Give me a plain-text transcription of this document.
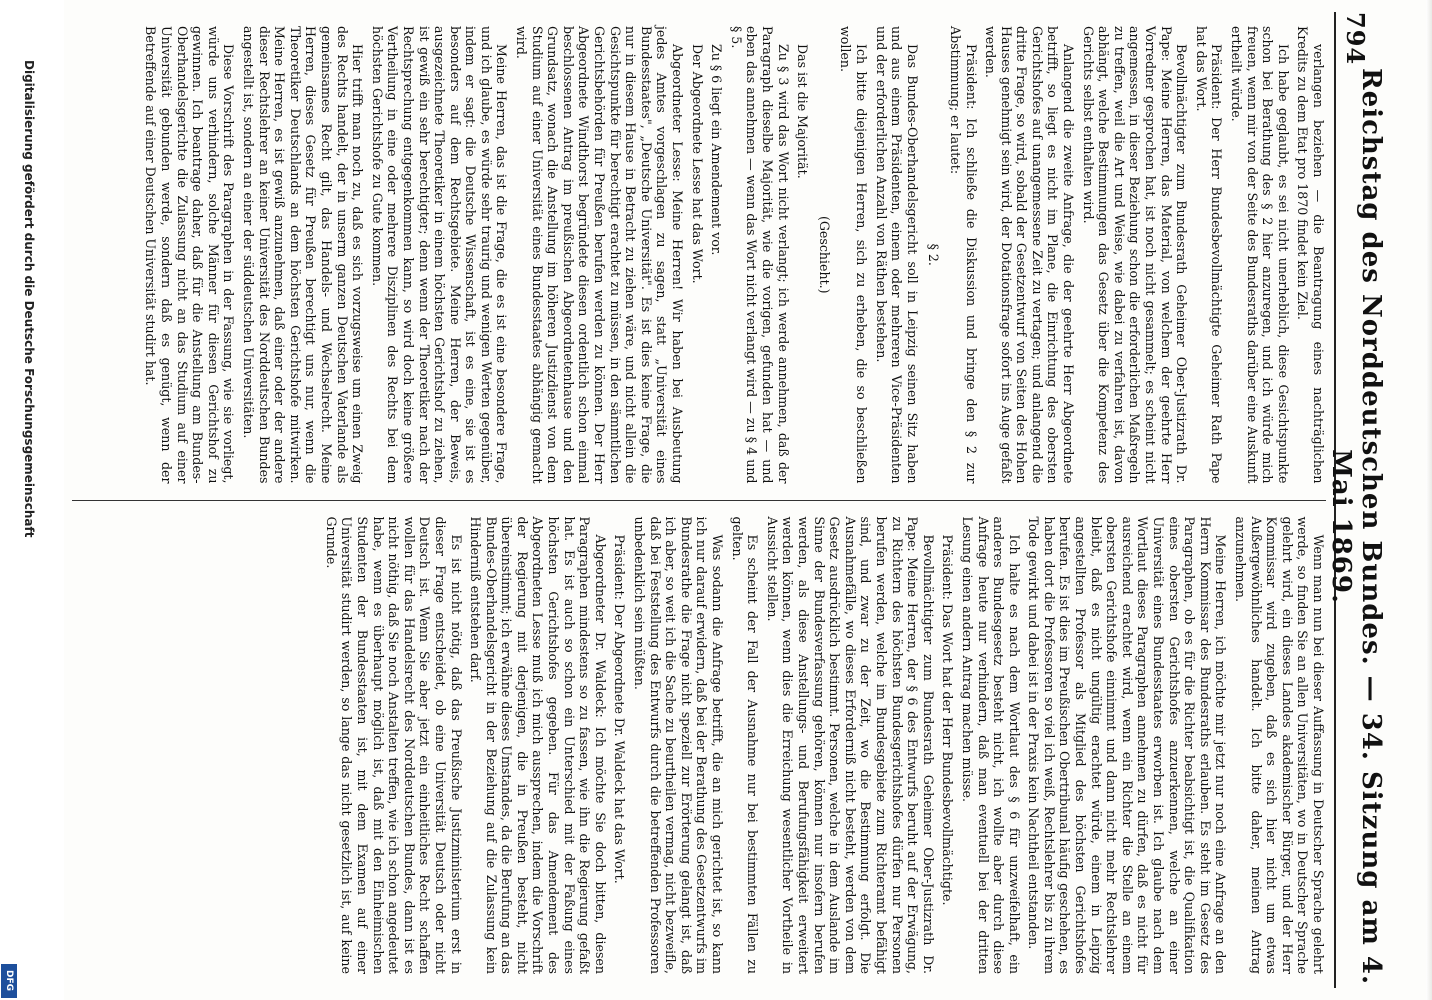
Digitalisierung gefördert durch die Deutsche Forschungsgemeinschaft
DFG
794
Reichstag des Norddeutschen Bundes. — 34. Sitzung am 4. Mai 1869.

verlangen beziehen — die Beantragung eines nachträglichen Kredits zu dem Etat pro 1870 findet kein Ziel.

Ich habe geglaubt, es sei nicht unerheblich, diese Gesichtspunkte schon bei Berathung des § 2 hier anzuregen, und ich würde mich freuen, wenn mir von der Seite des Bundesraths darüber eine Auskunft ertheilt würde.

Präsident: Der Herr Bundesbevollmächtigte Geheimer Rath Pape hat das Wort.

Bevollmächtigter zum Bundesrath Geheimer Ober-Justizrath Dr. Pape: Meine Herren, das Material, von welchem der geehrte Herr Vorredner gesprochen hat, ist noch nicht gesammelt; es scheint nicht angemessen, in dieser Beziehung schon die erforderlichen Maßregeln zu treffen, weil die Art und Weise, wie dabei zu verfahren ist, davon abhängt, welche Bestimmungen das Gesetz über die Kompetenz des Gerichts selbst enthalten wird.

Anlangend die zweite Anfrage, die der geehrte Herr Abgeordnete betrifft, so liegt es nicht im Plane, die Einrichtung des obersten Gerichtshofes auf unangemessene Zeit zu vertagen; und anlangend die dritte Frage, so wird, sobald der Gesetzentwurf von Seiten des Hohen Hauses genehmigt sein wird, der Dotationsfrage sofort ins Auge gefaßt werden.

Präsident: Ich schließe die Diskussion und bringe den § 2 zur Abstimmung; er lautet:

§ 2.

Das Bundes-Oberhandelsgericht soll in Leipzig seinen Sitz haben und aus einem Präsidenten, einem oder mehreren Vice-Präsidenten und der erforderlichen Anzahl von Räthen bestehen.

Ich bitte diejenigen Herren, sich zu erheben, die so beschließen wollen.

(Geschieht.)

Das ist die Majorität.

Zu § 3 wird das Wort nicht verlangt; ich werde annehmen, daß der Paragraph dieselbe Majorität, wie die vorigen, gefunden hat — und eben das annehmen — wenn das Wort nicht verlangt wird — zu § 4 und § 5.

Zu § 6 liegt ein Amendement vor.

Der Abgeordnete Lesse hat das Wort.

Abgeordneter Lesse: Meine Herren! Wir haben bei Ausbeutung jedes Amtes vorgeschlagen zu sagen, statt „Universität eines Bundesstaates", „Deutsche Universität". Es ist dies keine Frage, die nur in diesem Hause in Betracht zu ziehen wäre, und nicht allein die Gesichtspunkte für berechtigt erachtet zu müssen, in den sämmtlichen Gerichtsbehörden für Preußen berufen werden zu können. Der Herr Abgeordnete Windthorst begründete diesen ordentlich schon einmal beschlossenen Antrag im preußischen Abgeordnetenhause und den Grundsatz, wonach die Anstellung im höheren Justizdienst von dem Studium auf einer Universität eines Bundesstaates abhängig gemacht wird.

Meine Herren, das ist die Frage, die es ist eine besondere Frage, und ich glaube, es würde sehr traurig und wenigen Werten gegenüber, indem er sagt: die Deutsche Wissenschaft, ist es eine, sie ist es besonders auf dem Rechtsgebiete. Meine Herren, der Beweis, ausgezeichnete Theoretiker in einem höchsten Gerichtshof zu ziehen, ist gewiß ein sehr berechtigter; denn wenn der Theoretiker nach der Rechtsprechung entgegenkommen kann, so wird doch keine größere Vertheilung in eine oder mehrere Disziplinen des Rechts bei dem höchsten Gerichtshofe zu Gute kommen.

Hier trifft man noch zu, daß es sich vorzugsweise um einen Zweig des Rechts handelt, der in unserm ganzen Deutschen Vaterlande als gemeinsames Recht gilt, das Handels- und Wechselrecht. Meine Herren, dieses Gesetz für Preußen berechtigt uns nur, wenn die Theoretiker Deutschlands an dem höchsten Gerichtshofe mitwirken. Meine Herren, es ist gewiß anzunehmen, daß einer oder der andere dieser Rechtslehrer an keiner Universität des Norddeutschen Bundes angestellt ist, sondern an einer der süddeutschen Universitäten.

Diese Vorschrift des Paragraphen in der Fassung, wie sie vorliegt, würde uns verhindern, solche Männer für diesen Gerichtshof zu gewinnen. Ich beantrage daher, daß für die Anstellung am Bundes-Oberhandelsgerichte die Zulassung nicht an das Studium auf einer Universität gebunden werde, sondern daß es genügt, wenn der Betreffende auf einer Deutschen Universität studirt hat.

Wenn man nun bei dieser Auffassung in Deutscher Sprache gelehrt werde, so finden Sie an allen Universitäten, wo in Deutscher Sprache gelehrt wird, ein dieses Landes akademischer Bürger, und der Herr Kommissar wird zugeben, daß es sich hier nicht um etwas Außergewöhnliches handelt. Ich bitte daher, meinen Antrag anzunehmen.

Meine Herren, ich möchte mir jetzt nur noch eine Anfrage an den Herrn Kommissar des Bundesraths erlauben. Es steht im Gesetz des Paragraphen, ob es für die Richter beabsichtigt ist, die Qualifikation eines obersten Gerichtshofes anzuerkennen, welche an einer Universität eines Bundesstaates erworben ist. Ich glaube nach dem Wortlaut dieses Paragraphen annehmen zu dürfen, daß es nicht für ausreichend erachtet wird, wenn ein Richter die Stelle an einem obersten Gerichtshofe einnimmt und dann nicht mehr Rechtslehrer bleibt, daß es nicht ungültig erachtet würde, einem in Leipzig angestellten Professor als Mitglied des höchsten Gerichtshofes berufen. Es ist dies im Preußischen Obertribunal häufig geschehen, es haben dort die Professoren so viel ich weiß, Rechtslehrer bis zu ihrem Tode gewirkt und dabei ist in der Praxis kein Nachtheil entstanden.

Ich halte es nach dem Wortlaut des § 6 für unzweifelhaft, ein anderes Bundesgesetz besteht nicht, ich wollte aber durch diese Anfrage heute nur verhindern, daß man eventuell bei der dritten Lesung einen andern Antrag machen müsse.

Präsident: Das Wort hat der Herr Bundesbevollmächtigte.

Bevollmächtigter zum Bundesrath Geheimer Ober-Justizrath Dr. Pape: Meine Herren, der § 6 des Entwurfs beruht auf der Erwägung, zu Richtern des höchsten Bundesgerichtshofes dürfen nur Personen berufen werden, welche im Bundesgebiete zum Richteramt befähigt sind, und zwar zu der Zeit, wo die Bestimmung erfolgt. Die Ausnahmefälle, wo dieses Erforderniß nicht besteht, werden von dem Gesetz ausdrücklich bestimmt. Personen, welche in dem Auslande im Sinne der Bundesverfassung gehören, können nur insofern berufen werden, als diese Anstellungs- und Berufungsfähigkeit erweitert werden können, wenn dies die Erreichung wesentlicher Vortheile in Aussicht stellen.

Es scheint der Fall der Ausnahme nur bei bestimmten Fällen zu gelten.

Was sodann die Anfrage betrifft, die an mich gerichtet ist, so kann ich nur darauf erwidern, daß bei der Berathung des Gesetzentwurfs im Bundesrathe die Frage nicht speziell zur Erörterung gelangt ist, daß ich aber, so weit ich die Sache zu beurtheilen vermag, nicht bezweifle, daß bei Feststellung des Entwurfs durch die betreffenden Professoren unbedenklich sein müßten.

Präsident: Der Abgeordnete Dr. Waldeck hat das Wort.

Abgeordneter Dr. Waldeck: Ich möchte Sie doch bitten, diesen Paragraphen mindestens so zu fassen, wie ihn die Regierung gefaßt hat. Es ist auch so schon ein Unterschied mit der Faßung eines höchsten Gerichtshofes gegeben. Für das Amendement des Abgeordneten Lesse muß ich mich aussprechen, indem die Vorschrift der Regierung mit derjenigen, die in Preußen besteht, nicht übereinstimmt; ich erwähne dieses Umstandes, da die Berufung an das Bundes-Oberhandelsgericht in der Beziehung auf die Zulassung kein Hinderniß entstehen darf.

Es ist nicht nötig, daß das Preußische Justizministerium erst in dieser Frage entscheidet, ob eine Universität Deutsch oder nicht Deutsch ist. Wenn Sie aber jetzt ein einheitliches Recht schaffen wollen für das Handelsrecht des Norddeutschen Bundes, dann ist es nicht nöthig, daß Sie noch Anstalten treffen, wie ich schon angedeutet habe, wenn es überhaupt möglich ist, daß mit den Einheimischen Studenten der Bundesstaaten ist, mit dem Examen auf einer Universität studirt werden, so lange das nicht gesetzlich ist, auf keine Grunde.
